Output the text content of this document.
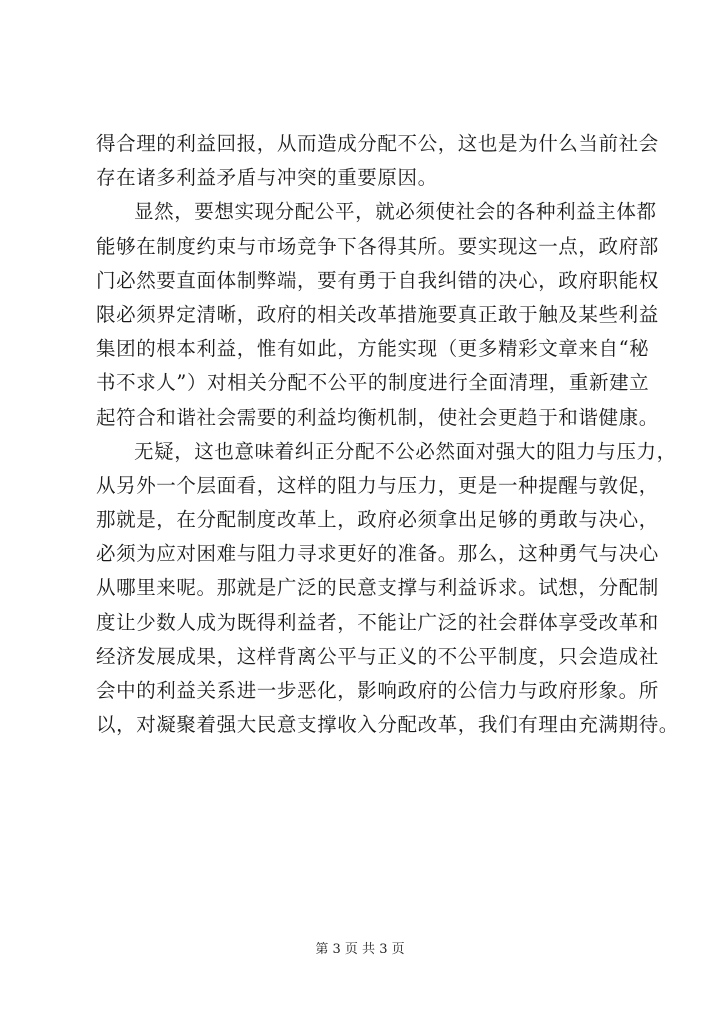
得合理的利益回报，从而造成分配不公，这也是为什么当前社会
存在诸多利益矛盾与冲突的重要原因。
显然，要想实现分配公平，就必须使社会的各种利益主体都
能够在制度约束与市场竞争下各得其所。要实现这一点，政府部
门必然要直面体制弊端，要有勇于自我纠错的决心，政府职能权
限必须界定清晰，政府的相关改革措施要真正敢于触及某些利益
集团的根本利益，惟有如此，方能实现（更多精彩文章来自“秘
书不求人”）对相关分配不公平的制度进行全面清理，重新建立
起符合和谐社会需要的利益均衡机制，使社会更趋于和谐健康。
无疑，这也意味着纠正分配不公必然面对强大的阻力与压力，
从另外一个层面看，这样的阻力与压力，更是一种提醒与敦促，
那就是，在分配制度改革上，政府必须拿出足够的勇敢与决心，
必须为应对困难与阻力寻求更好的准备。那么，这种勇气与决心
从哪里来呢。那就是广泛的民意支撑与利益诉求。试想，分配制
度让少数人成为既得利益者，不能让广泛的社会群体享受改革和
经济发展成果，这样背离公平与正义的不公平制度，只会造成社
会中的利益关系进一步恶化，影响政府的公信力与政府形象。所
以，对凝聚着强大民意支撑收入分配改革，我们有理由充满期待。
第 3 页 共 3 页
